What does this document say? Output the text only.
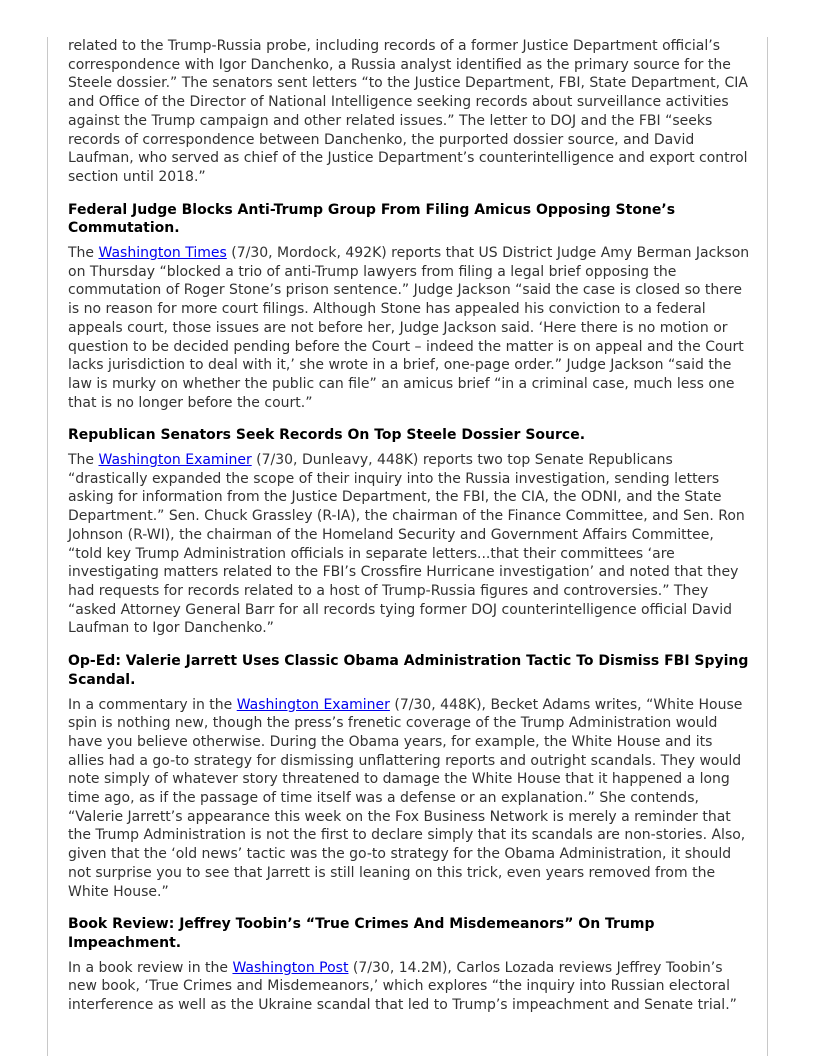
related to the Trump-Russia probe, including records of a former Justice Department official’s correspondence with Igor Danchenko, a Russia analyst identified as the primary source for the Steele dossier.” The senators sent letters “to the Justice Department, FBI, State Department, CIA and Office of the Director of National Intelligence seeking records about surveillance activities against the Trump campaign and other related issues.” The letter to DOJ and the FBI “seeks records of correspondence between Danchenko, the purported dossier source, and David Laufman, who served as chief of the Justice Department’s counterintelligence and export control section until 2018.”

Federal Judge Blocks Anti-Trump Group From Filing Amicus Opposing Stone’s Commutation.

The Washington Times (7/30, Mordock, 492K) reports that US District Judge Amy Berman Jackson on Thursday “blocked a trio of anti-Trump lawyers from filing a legal brief opposing the commutation of Roger Stone’s prison sentence.” Judge Jackson “said the case is closed so there is no reason for more court filings. Although Stone has appealed his conviction to a federal appeals court, those issues are not before her, Judge Jackson said. ‘Here there is no motion or question to be decided pending before the Court – indeed the matter is on appeal and the Court lacks jurisdiction to deal with it,’ she wrote in a brief, one-page order.” Judge Jackson “said the law is murky on whether the public can file” an amicus brief “in a criminal case, much less one that is no longer before the court.”

Republican Senators Seek Records On Top Steele Dossier Source.

The Washington Examiner (7/30, Dunleavy, 448K) reports two top Senate Republicans “drastically expanded the scope of their inquiry into the Russia investigation, sending letters asking for information from the Justice Department, the FBI, the CIA, the ODNI, and the State Department.” Sen. Chuck Grassley (R-IA), the chairman of the Finance Committee, and Sen. Ron Johnson (R-WI), the chairman of the Homeland Security and Government Affairs Committee, “told key Trump Administration officials in separate letters...that their committees ‘are investigating matters related to the FBI’s Crossfire Hurricane investigation’ and noted that they had requests for records related to a host of Trump-Russia figures and controversies.” They “asked Attorney General Barr for all records tying former DOJ counterintelligence official David Laufman to Igor Danchenko.”

Op-Ed: Valerie Jarrett Uses Classic Obama Administration Tactic To Dismiss FBI Spying Scandal.

In a commentary in the Washington Examiner (7/30, 448K), Becket Adams writes, “White House spin is nothing new, though the press’s frenetic coverage of the Trump Administration would have you believe otherwise. During the Obama years, for example, the White House and its allies had a go-to strategy for dismissing unflattering reports and outright scandals. They would note simply of whatever story threatened to damage the White House that it happened a long time ago, as if the passage of time itself was a defense or an explanation.” She contends, “Valerie Jarrett’s appearance this week on the Fox Business Network is merely a reminder that the Trump Administration is not the first to declare simply that its scandals are non-stories. Also, given that the ‘old news’ tactic was the go-to strategy for the Obama Administration, it should not surprise you to see that Jarrett is still leaning on this trick, even years removed from the White House.”

Book Review: Jeffrey Toobin’s “True Crimes And Misdemeanors” On Trump Impeachment.

In a book review in the Washington Post (7/30, 14.2M), Carlos Lozada reviews Jeffrey Toobin’s new book, ‘True Crimes and Misdemeanors,’ which explores “the inquiry into Russian electoral interference as well as the Ukraine scandal that led to Trump’s impeachment and Senate trial.”
